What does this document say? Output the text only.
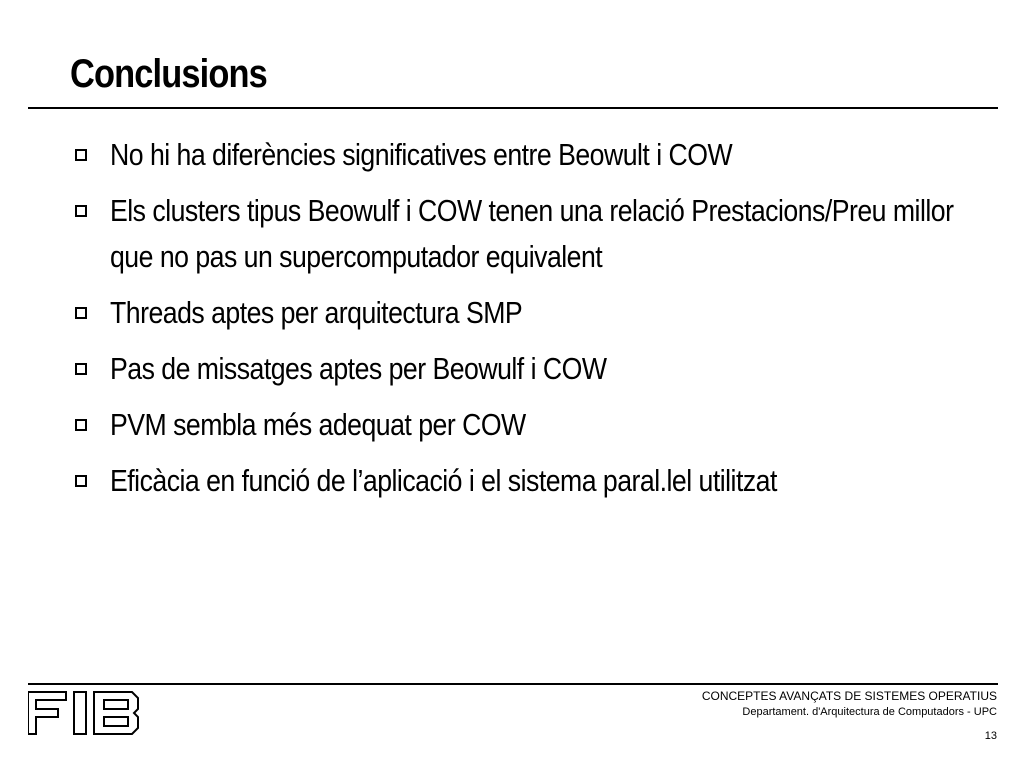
Conclusions
No hi ha diferències significatives entre Beowult i COW
Els clusters tipus Beowulf i COW tenen una relació Prestacions/Preu millor que no pas un supercomputador equivalent
Threads aptes per arquitectura SMP
Pas de missatges aptes per Beowulf i COW
PVM sembla més adequat per COW
Eficàcia en funció de l’aplicació i el sistema paral.lel utilitzat
CONCEPTES AVANÇATS DE SISTEMES OPERATIUS
Departament. d'Arquitectura de Computadors - UPC
13
